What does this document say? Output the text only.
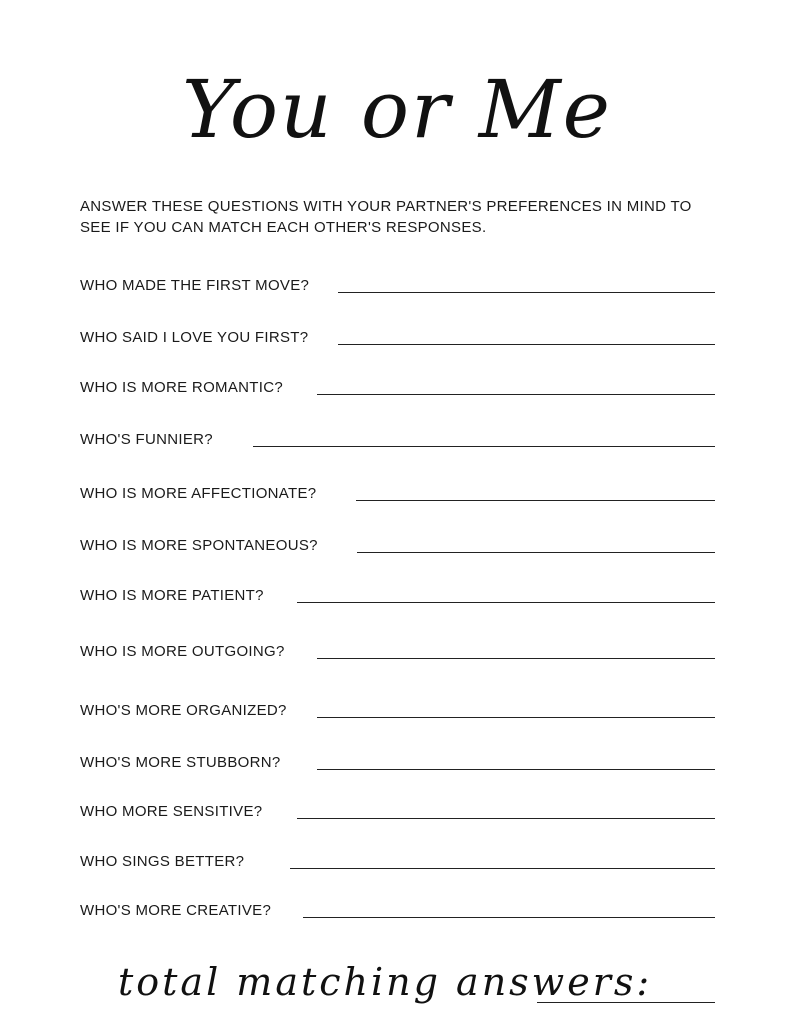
You or Me
ANSWER THESE QUESTIONS WITH YOUR PARTNER'S PREFERENCES IN MIND TO SEE IF YOU CAN MATCH EACH OTHER'S RESPONSES.
WHO MADE THE FIRST MOVE?
WHO SAID I LOVE YOU FIRST?
WHO IS MORE ROMANTIC?
WHO'S FUNNIER?
WHO IS MORE AFFECTIONATE?
WHO IS MORE SPONTANEOUS?
WHO IS MORE PATIENT?
WHO IS MORE OUTGOING?
WHO'S MORE ORGANIZED?
WHO'S MORE STUBBORN?
WHO MORE SENSITIVE?
WHO SINGS BETTER?
WHO'S MORE CREATIVE?
total matching answers:
